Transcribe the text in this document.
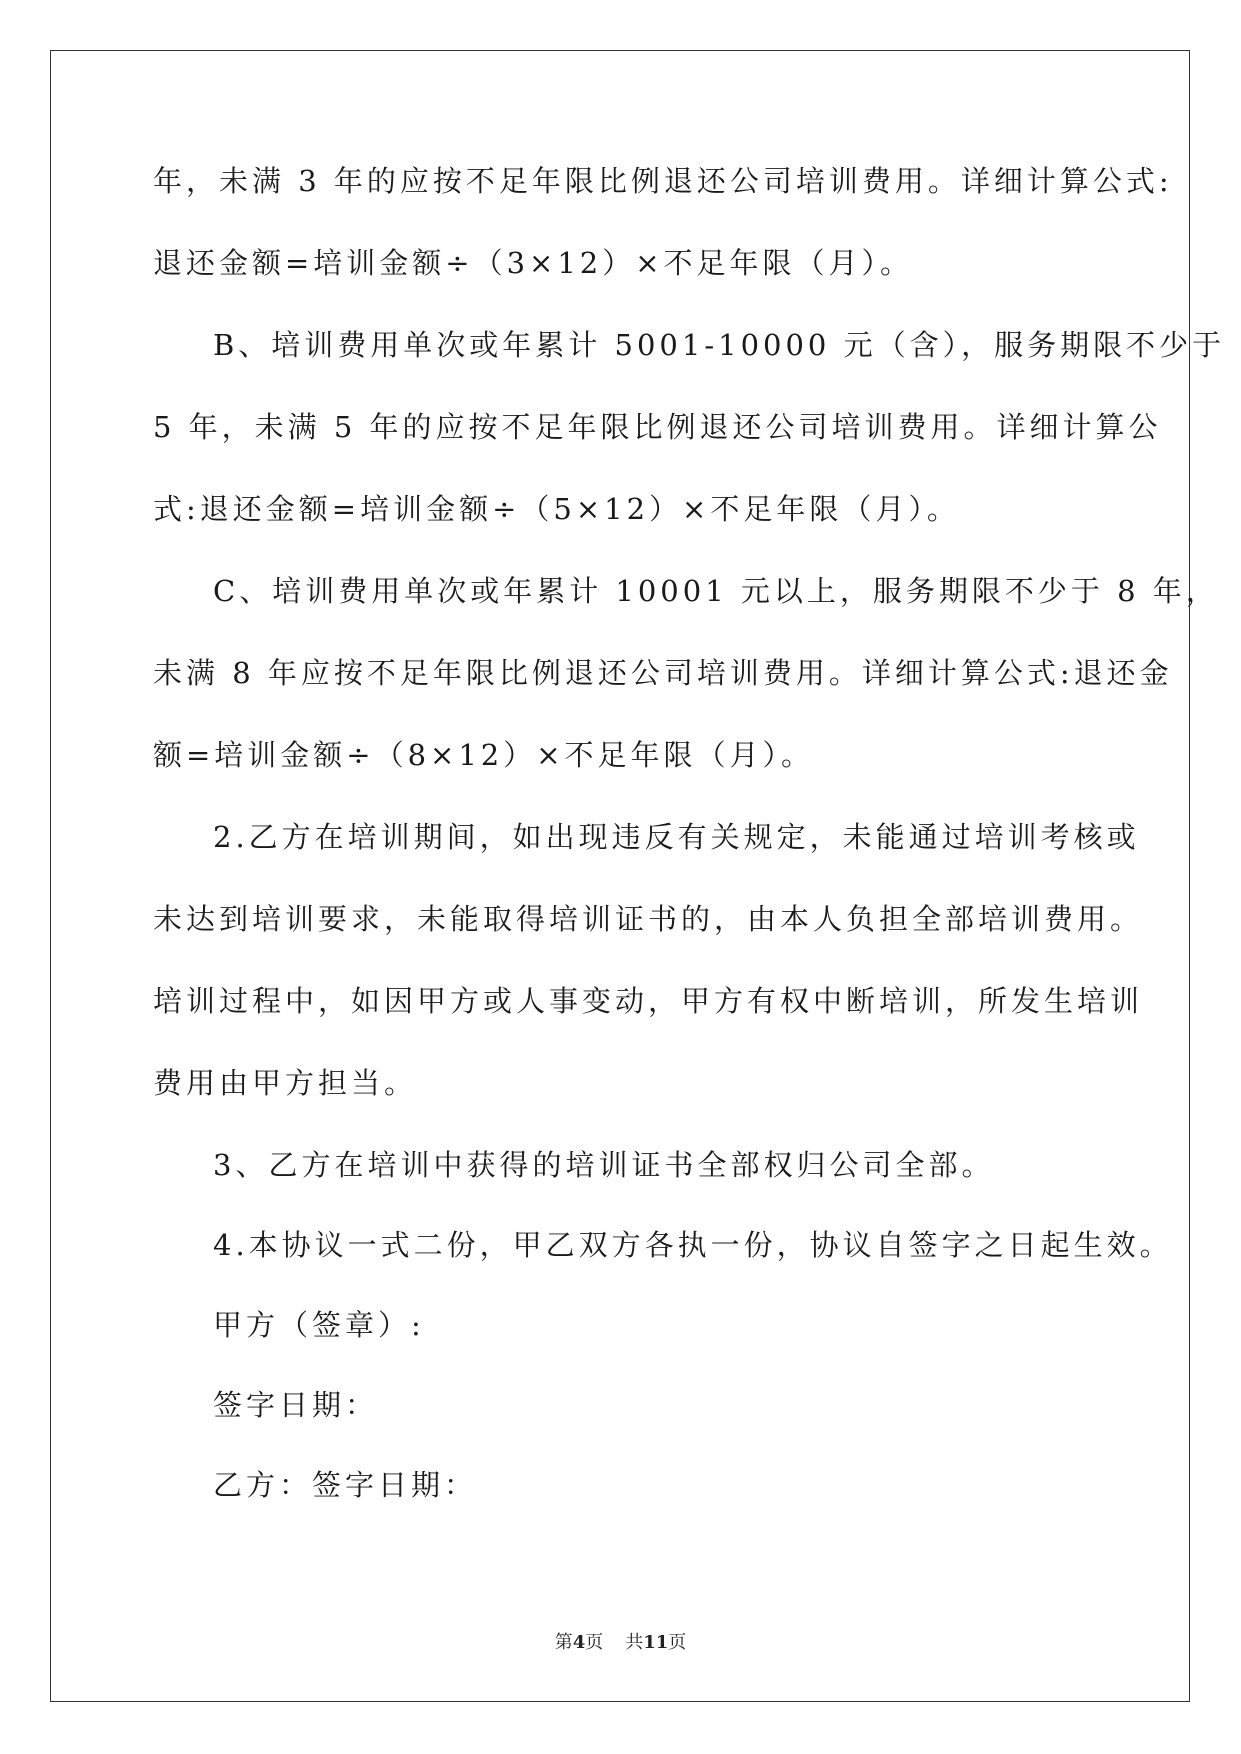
年，未满 3 年的应按不足年限比例退还公司培训费用。详细计算公式:

退还金额=培训金额÷（3×12）×不足年限（月）。

B、培训费用单次或年累计 5001-10000 元（含），服务期限不少于

5 年，未满 5 年的应按不足年限比例退还公司培训费用。详细计算公

式:退还金额=培训金额÷（5×12）×不足年限（月）。

C、培训费用单次或年累计 10001 元以上，服务期限不少于 8 年，

未满 8 年应按不足年限比例退还公司培训费用。详细计算公式:退还金

额=培训金额÷（8×12）×不足年限（月）。

2.乙方在培训期间，如出现违反有关规定，未能通过培训考核或

未达到培训要求，未能取得培训证书的，由本人负担全部培训费用。

培训过程中，如因甲方或人事变动，甲方有权中断培训，所发生培训

费用由甲方担当。

3、乙方在培训中获得的培训证书全部权归公司全部。

4.本协议一式二份，甲乙双方各执一份，协议自签字之日起生效。

甲方（签章）:

签字日期：

乙方：签字日期：

第4页 共11页
